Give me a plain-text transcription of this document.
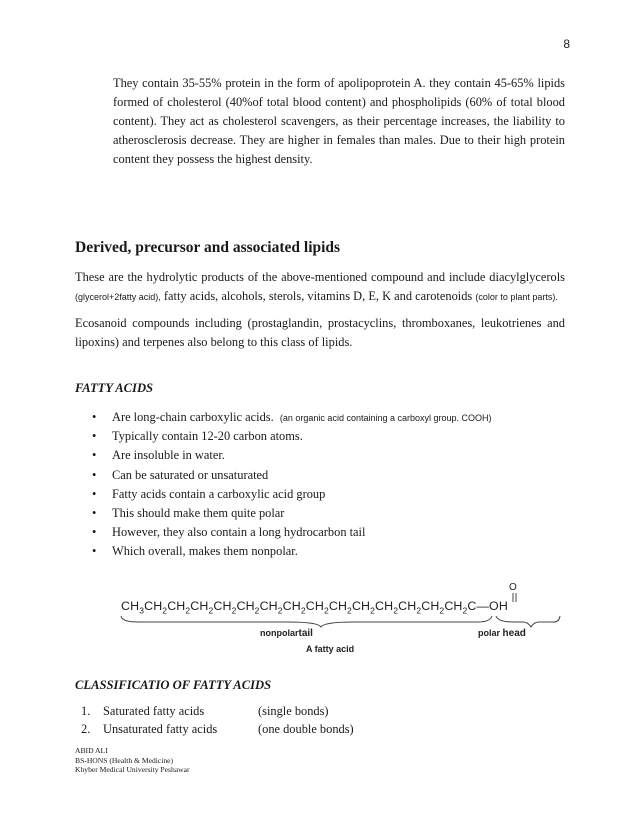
8

They contain 35-55% protein in the form of apolipoprotein A. they contain 45-65% lipids formed of cholesterol (40%of total blood content) and phospholipids (60% of total blood content). They act as cholesterol scavengers, as their percentage increases, the liability to atherosclerosis decrease. They are higher in females than males. Due to their high protein content they possess the highest density.

Derived, precursor and associated lipids

These are the hydrolytic products of the above-mentioned compound and include diacylglycerols (glycerol+2fatty acid), fatty acids, alcohols, sterols, vitamins D, E, K and carotenoids (color to plant parts).

Ecosanoid compounds including (prostaglandin, prostacyclins, thromboxanes, leukotrienes and lipoxins) and terpenes also belong to this class of lipids.

FATTY ACIDS
• Are long-chain carboxylic acids. (an organic acid containing a carboxyl group. COOH)
• Typically contain 12-20 carbon atoms.
• Are insoluble in water.
• Can be saturated or unsaturated
• Fatty acids contain a carboxylic acid group
• This should make them quite polar
• However, they also contain a long hydrocarbon tail
• Which overall, makes them nonpolar.
O
$CH_3CH_2CH_2CH_2CH_2CH_2CH_2CH_2CH_2CH_2CH_2CH_2CH_2CH_2CH_2C—OH$
nonpolartail	polar head
A fatty acid
CLASSIFICATIO OF FATTY ACIDS
1. Saturated fatty acids	(single bonds)
2. Unsaturated fatty acids	(one double bonds)
ABID ALI
BS-HONS (Health & Medicine)
Khyber Medical University Peshawar
